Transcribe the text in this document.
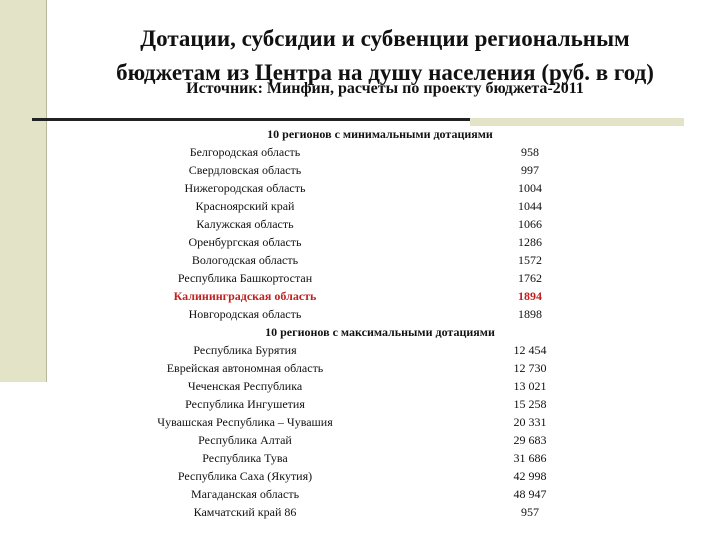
Дотации, субсидии и субвенции региональным
бюджетам из Центра на душу населения (руб. в год)
Источник: Минфин, расчеты по проекту бюджета-2011
10 регионов с минимальными дотациями
Белгородская область	958
Свердловская область	997
Нижегородская область	1004
Красноярский край	1044
Калужская область	1066
Оренбургская область	1286
Вологодская область	1572
Республика Башкортостан	1762
Калининградская область	1894
Новгородская область	1898
10 регионов с максимальными дотациями
Республика Бурятия	12 454
Еврейская автономная область	12 730
Чеченская Республика	13 021
Республика Ингушетия	15 258
Чувашская Республика – Чувашия	20 331
Республика Алтай	29 683
Республика Тува	31 686
Республика Саха (Якутия)	42 998
Магаданская область	48 947
Камчатский край 86	957
